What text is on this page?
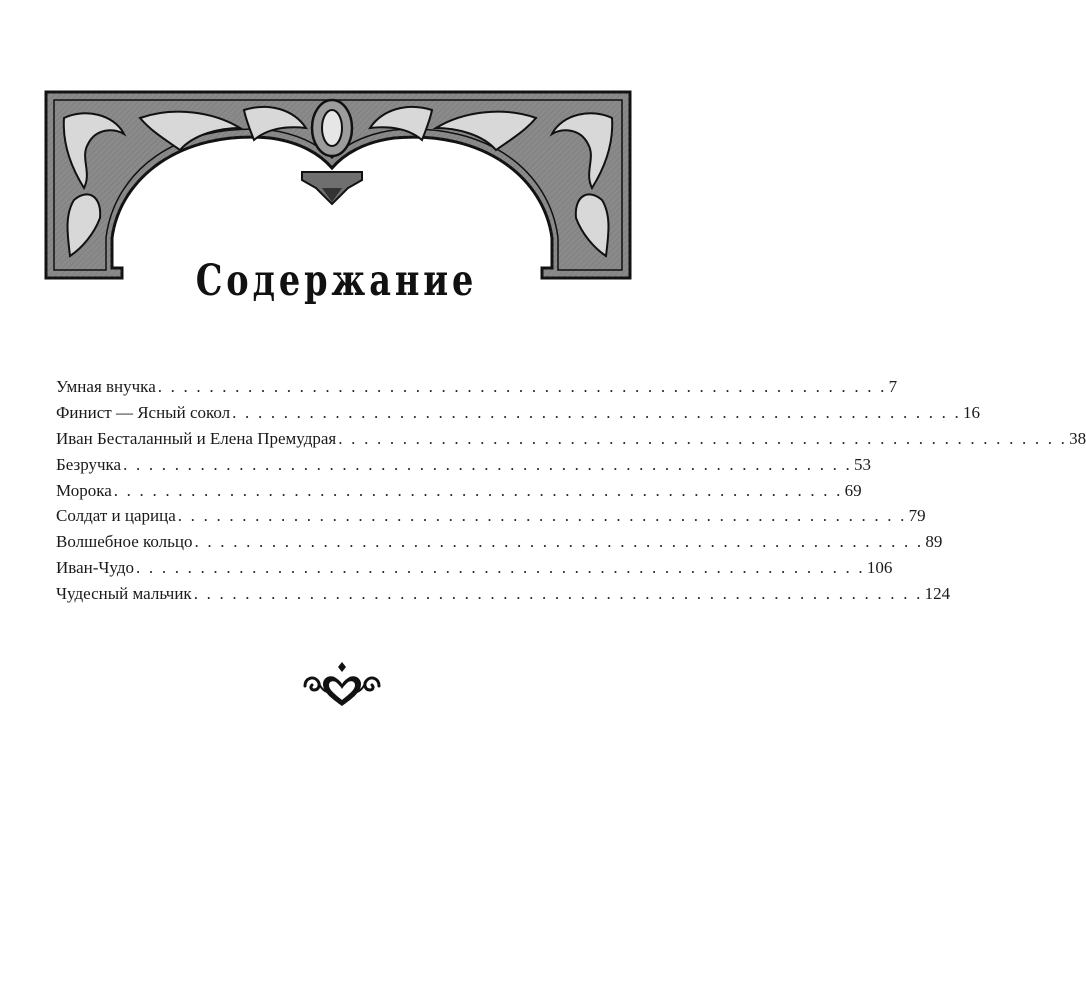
Содержание
Умная внучка . . . . . . . . . . . . . . . . . . . . . . . . . . . . . . . . . . . . . . . . . . . . . . . . . . . . . . . . . 7
Финист — Ясный сокол . . . . . . . . . . . . . . . . . . . . . . . . . . . . . . . . . . . . . . . . . . . . . . . . . . . . . . . . . 16
Иван Бесталанный и Елена Премудрая . . . . . . . . . . . . . . . . . . . . . . . . . . . . . . . . . . . . . . . . . . . . . . . . . . . . . . . . . 38
Безручка . . . . . . . . . . . . . . . . . . . . . . . . . . . . . . . . . . . . . . . . . . . . . . . . . . . . . . . . . 53
Морока . . . . . . . . . . . . . . . . . . . . . . . . . . . . . . . . . . . . . . . . . . . . . . . . . . . . . . . . . 69
Солдат и царица . . . . . . . . . . . . . . . . . . . . . . . . . . . . . . . . . . . . . . . . . . . . . . . . . . . . . . . . . 79
Волшебное кольцо . . . . . . . . . . . . . . . . . . . . . . . . . . . . . . . . . . . . . . . . . . . . . . . . . . . . . . . . . 89
Иван-Чудо . . . . . . . . . . . . . . . . . . . . . . . . . . . . . . . . . . . . . . . . . . . . . . . . . . . . . . . . . 106
Чудесный мальчик . . . . . . . . . . . . . . . . . . . . . . . . . . . . . . . . . . . . . . . . . . . . . . . . . . . . . . . . . 124
